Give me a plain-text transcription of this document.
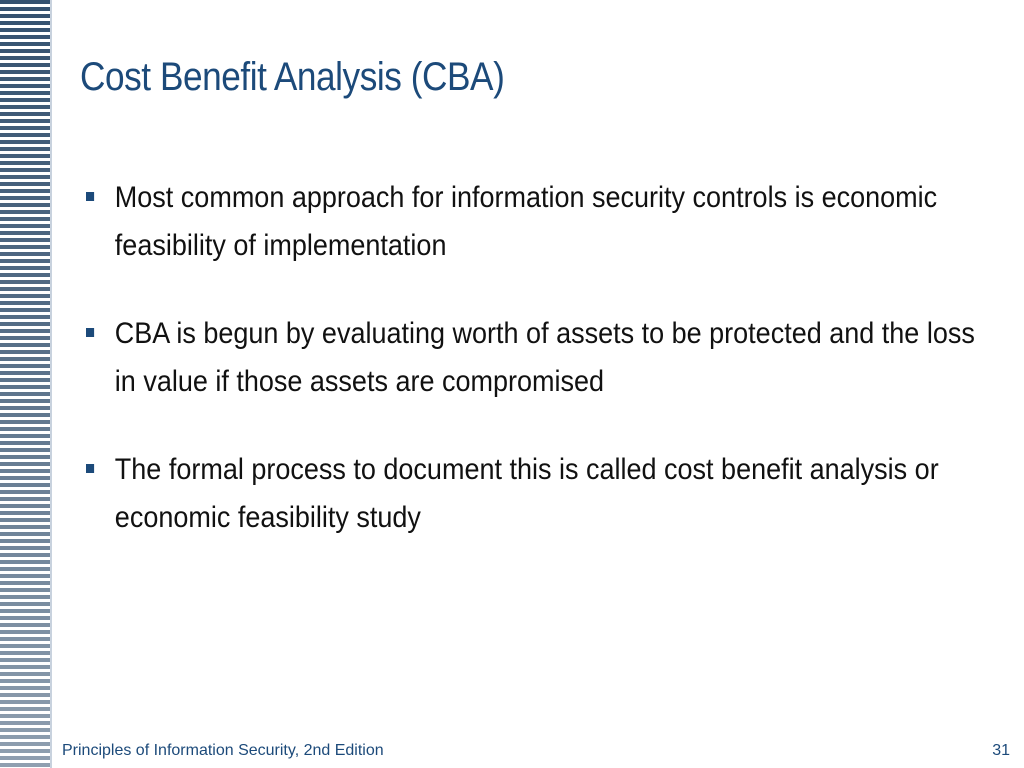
Cost Benefit Analysis (CBA)
Most common approach for information security controls is economic feasibility of implementation
CBA is begun by evaluating worth of assets to be protected and the loss in value if those assets are compromised
The formal process to document this is called cost benefit analysis or economic feasibility study
Principles of Information Security, 2nd Edition	31
